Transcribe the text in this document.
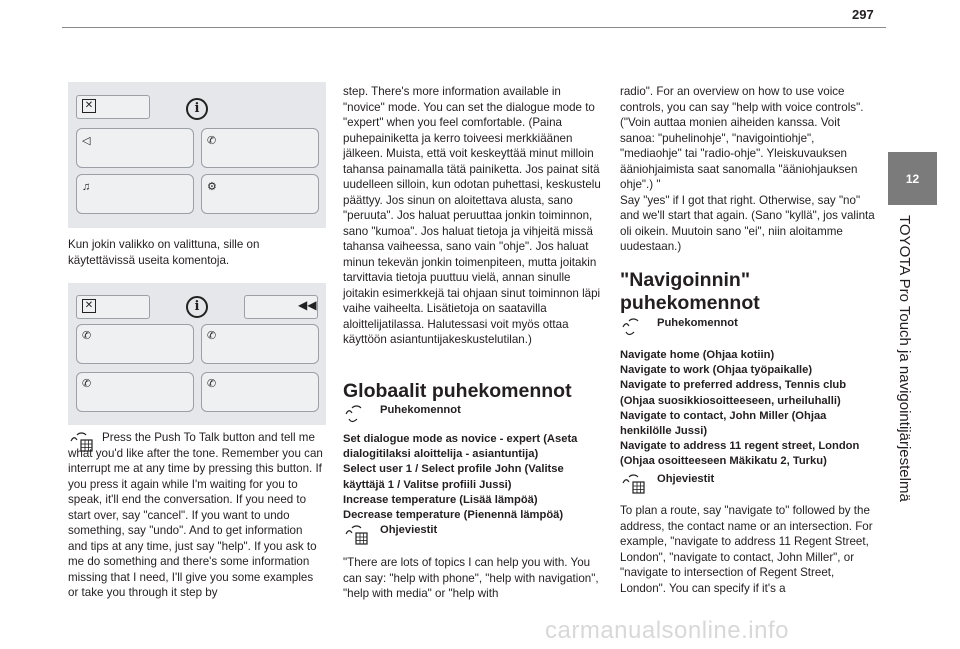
297
12
TOYOTA Pro Touch ja navigointijärjestelmä
✕	i
◁	✆
♫	⚙

Kun jokin valikko on valittuna, sille on käytettävissä useita komentoja.

✕	i	◀◀
✆	✆
✆	✆

Press the Push To Talk button and tell me what you'd like after the tone. Remember you can interrupt me at any time by pressing this button. If you press it again while I'm waiting for you to speak, it'll end the conversation. If you need to start over, say "cancel". If you want to undo something, say "undo". And to get information and tips at any time, just say "help". If you ask to me do something and there's some information missing that I need, I'll give you some examples or take you through it step by

step. There's more information available in "novice" mode. You can set the dialogue mode to "expert" when you feel comfortable. (Paina puhepainiketta ja kerro toiveesi merkkiäänen jälkeen. Muista, että voit keskeyttää minut milloin tahansa painamalla tätä painiketta. Jos painat sitä uudelleen silloin, kun odotan puhettasi, keskustelu päättyy. Jos sinun on aloitettava alusta, sano "peruuta". Jos haluat peruuttaa jonkin toiminnon, sano "kumoa". Jos haluat tietoja ja vihjeitä missä tahansa vaiheessa, sano vain "ohje". Jos haluat minun tekevän jonkin toimenpiteen, mutta joitakin tarvittavia tietoja puuttuu vielä, annan sinulle joitakin esimerkkejä tai ohjaan sinut toiminnon läpi vaihe vaiheelta. Lisätietoja on saatavilla aloittelijatilassa. Halutessasi voit myös ottaa käyttöön asiantuntijakeskustelutilan.)

Globaalit puhekomennot
Puhekomennot

Set dialogue mode as novice - expert (Aseta dialogitilaksi aloittelija - asiantuntija)
Select user 1 / Select profile John (Valitse käyttäjä 1 / Valitse profiili Jussi)
Increase temperature (Lisää lämpöä)
Decrease temperature (Pienennä lämpöä)

Ohjeviestit

"There are lots of topics I can help you with. You can say: "help with phone", "help with navigation", "help with media" or "help with

radio". For an overview on how to use voice controls, you can say "help with voice controls". ("Voin auttaa monien aiheiden kanssa. Voit sanoa: "puhelinohje", "navigointiohje", "mediaohje" tai "radio-ohje". Yleiskuvauksen ääniohjaimista saat sanomalla "ääniohjauksen ohje".) "
Say "yes" if I got that right. Otherwise, say "no" and we'll start that again. (Sano "kyllä", jos valinta oli oikein. Muutoin sano "ei", niin aloitamme uudestaan.)

"Navigoinnin"
puhekomennot
Puhekomennot

Navigate home (Ohjaa kotiin)
Navigate to work (Ohjaa työpaikalle)
Navigate to preferred address, Tennis club (Ohjaa suosikkiosoitteeseen, urheiluhalli)
Navigate to contact, John Miller (Ohjaa henkilölle Jussi)
Navigate to address 11 regent street, London (Ohjaa osoitteeseen Mäkikatu 2, Turku)

Ohjeviestit

To plan a route, say "navigate to" followed by the address, the contact name or an intersection. For example, "navigate to address 11 Regent Street, London", "navigate to contact, John Miller", or "navigate to intersection of Regent Street, London". You can specify if it's a

carmanualsonline.info
